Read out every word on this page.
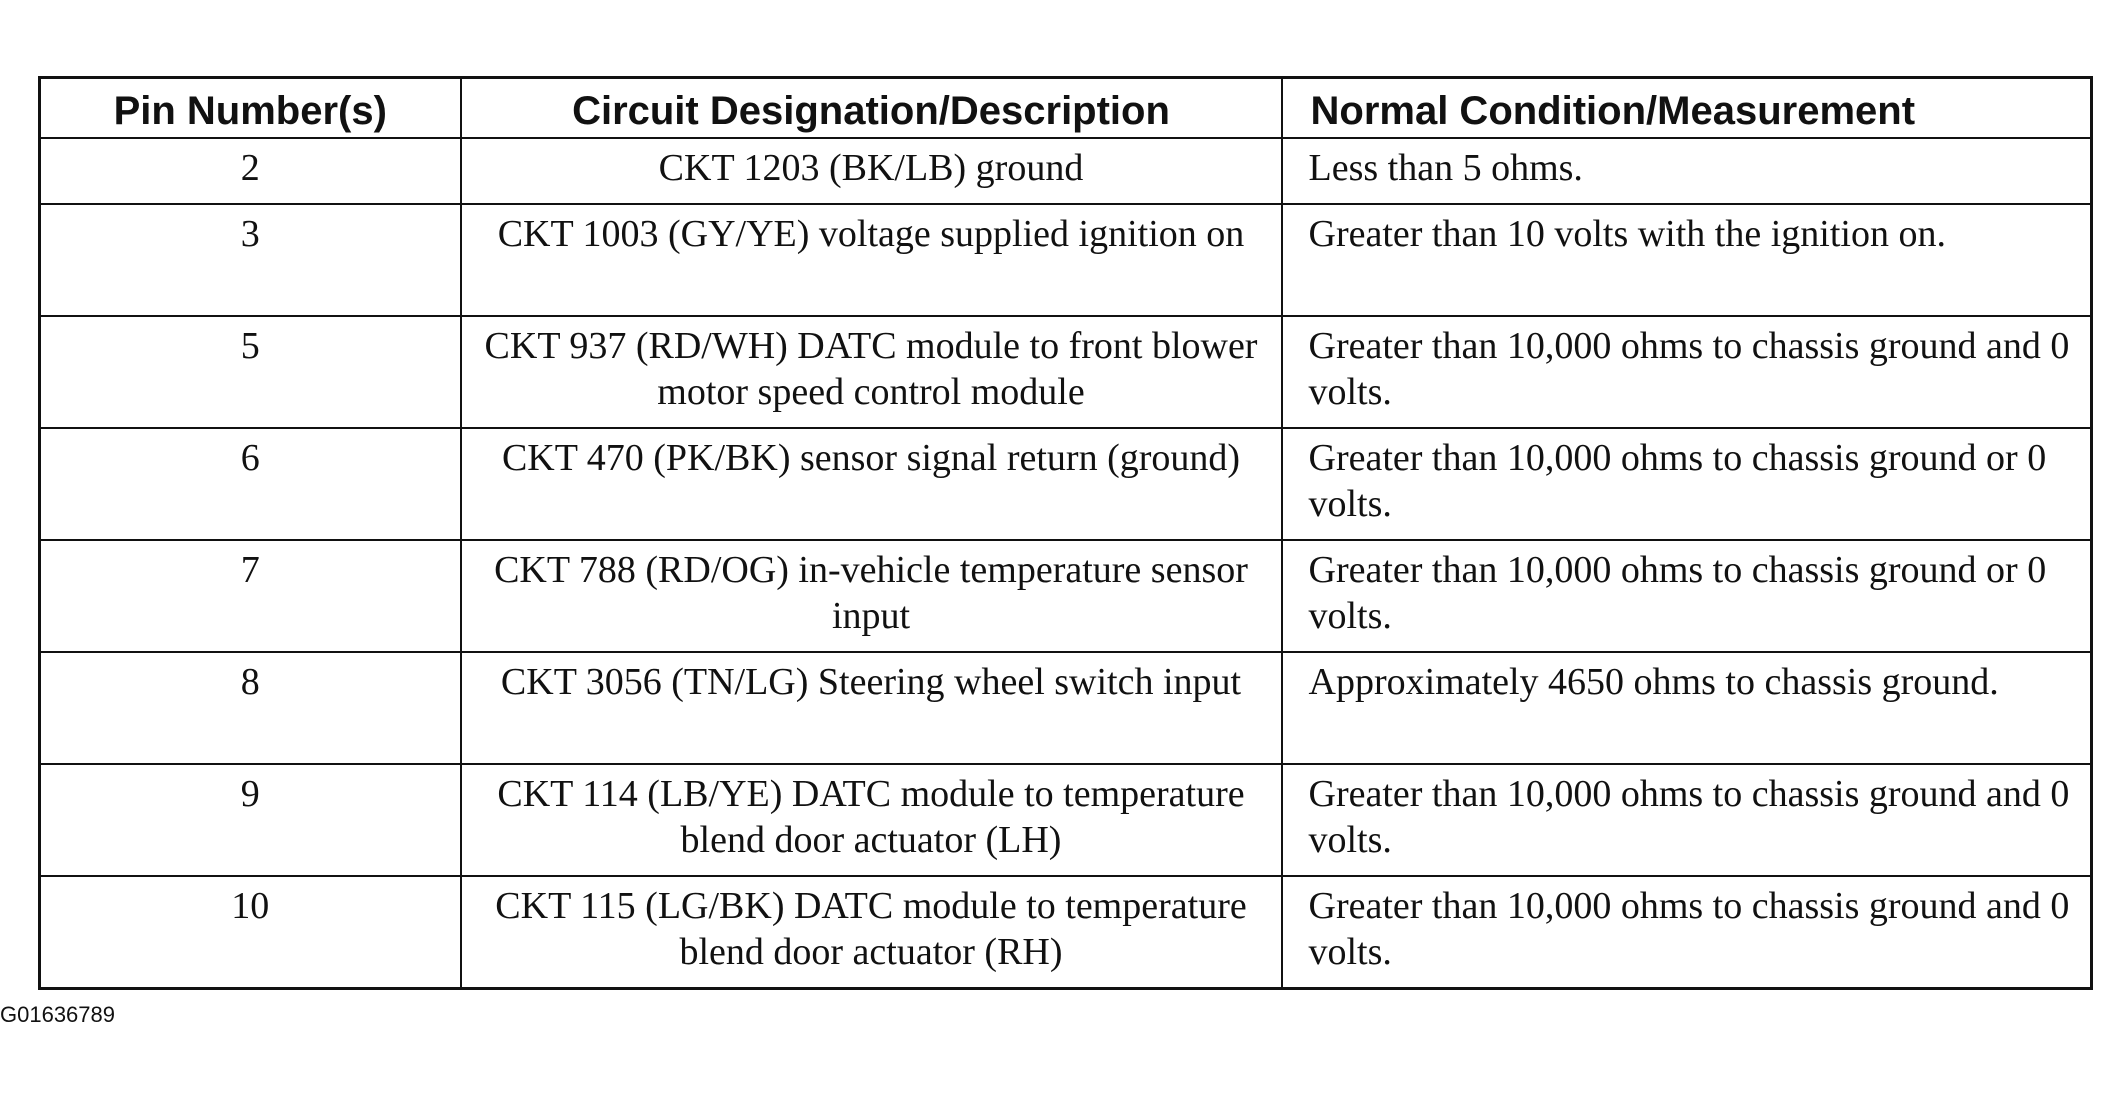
Pin Number(s)	Circuit Designation/Description	Normal Condition/Measurement
2	CKT 1203 (BK/LB) ground	Less than 5 ohms.
3	CKT 1003 (GY/YE) voltage supplied ignition on	Greater than 10 volts with the ignition on.
5	CKT 937 (RD/WH) DATC module to front blower motor speed control module	Greater than 10,000 ohms to chassis ground and 0 volts.
6	CKT 470 (PK/BK) sensor signal return (ground)	Greater than 10,000 ohms to chassis ground or 0 volts.
7	CKT 788 (RD/OG) in-vehicle temperature sensor input	Greater than 10,000 ohms to chassis ground or 0 volts.
8	CKT 3056 (TN/LG) Steering wheel switch input	Approximately 4650 ohms to chassis ground.
9	CKT 114 (LB/YE) DATC module to temperature blend door actuator (LH)	Greater than 10,000 ohms to chassis ground and 0 volts.
10	CKT 115 (LG/BK) DATC module to temperature blend door actuator (RH)	Greater than 10,000 ohms to chassis ground and 0 volts.
G01636789
